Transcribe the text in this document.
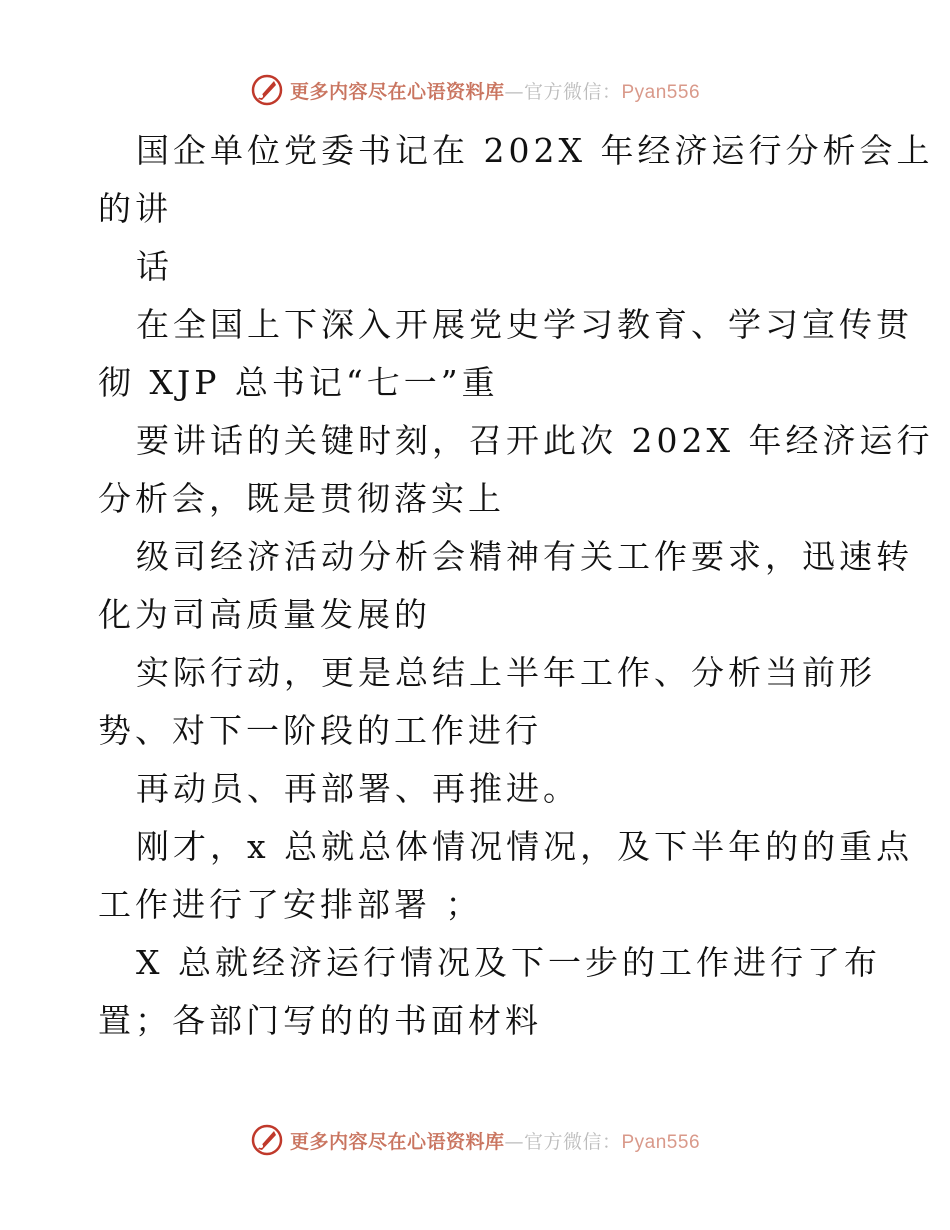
更多内容尽在心语资料库—官方微信：Pyan556

国企单位党委书记在 202X 年经济运行分析会上

的讲

话

在全国上下深入开展党史学习教育、学习宣传贯

彻 XJP 总书记“七一”重

要讲话的关键时刻，召开此次 202X 年经济运行

分析会，既是贯彻落实上

级司经济活动分析会精神有关工作要求，迅速转

化为司高质量发展的

实际行动，更是总结上半年工作、分析当前形

势、对下一阶段的工作进行

再动员、再部署、再推进。

刚才，x 总就总体情况情况，及下半年的的重点

工作进行了安排部署 ；

X 总就经济运行情况及下一步的工作进行了布

置；各部门写的的书面材料

更多内容尽在心语资料库—官方微信：Pyan556
